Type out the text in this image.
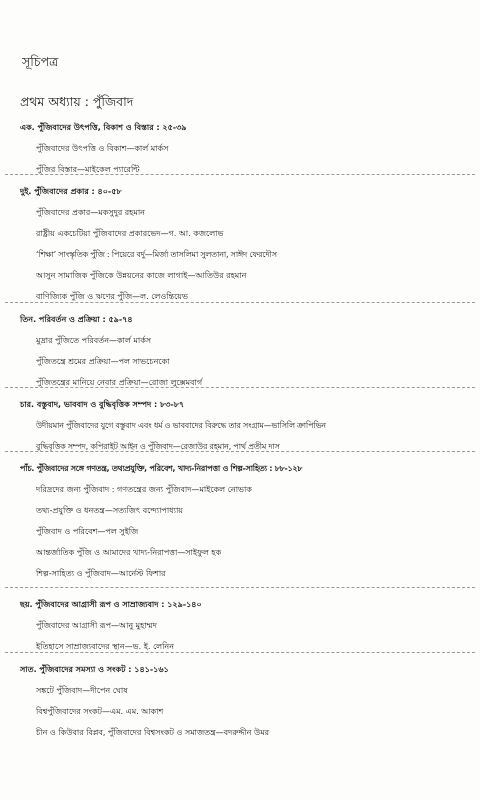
সূচিপত্র
প্রথম অধ্যায় : পুঁজিবাদ
এক. পুঁজিবাদের উৎপত্তি, বিকাশ ও বিস্তার : ২৫-৩৯
পুঁজিবাদের উৎপত্তি ও বিকাশ—কার্ল মার্কস
পুঁজির বিস্তার—মাইকেল প্যারেন্টি
দুই. পুঁজিবাদের প্রকার : ৪০-৫৮
পুঁজিবাদের প্রকার—মকসুদুর রহমান
রাষ্ট্রীয় একচেটিয়া পুঁজিবাদের প্রকারভেদ—গ. আ. কজলোভ
‘শিক্ষা’ সাংস্কৃতিক পুঁজি : পিয়েরে বর্দু—মির্জা তাসলিমা সুলতানা, সাঈদ ফেরদৌস
আসুন সামাজিক পুঁজিকে উন্নয়নের কাজে লাগাই—আতিউর রহমান
বাণিজ্যিক পুঁজি ও ঋণের পুঁজি—ল. লেওন্তিয়েভ
তিন. পরিবর্তন ও প্রক্রিয়া : ৫৯-৭৪
মুদ্রার পুঁজিতে পরিবর্তন—কার্ল মার্কস
পুঁজিতন্ত্রে শ্রমের প্রক্রিয়া—পল সাভচেনকো
পুঁজিতন্ত্রের মানিয়ে নেবার প্রক্রিয়া—রোজা লুক্সেমবার্গ
চার. বস্তুবাদ, ভাববাদ ও বুদ্ধিবৃত্তিক সম্পদ : ৮৩-৮৭
উদীয়মান পুঁজিবাদের যুগে বস্তুবাদ এবং ধর্ম ও ভাববাদের বিরুদ্ধে তার সংগ্রাম—ভাসিলি ক্রাপিভিন
বুদ্ধিবৃত্তিক সম্পদ, কপিরাইট আইন ও পুঁজিবাদ—রেজাউর রহমান, পার্থ প্রতীম দাস
পাঁচ. পুঁজিবাদের সঙ্গে গণতন্ত্র, তথ্যপ্রযুক্তি, পরিবেশ, খাদ্য-নিরাপত্তা ও শিল্প-সাহিত্য : ৮৮-১২৮
দরিদ্রদের জন্য পুঁজিবাদ : গণতন্ত্রের জন্য পুঁজিবাদ—মাইকেল নোভাক
তথ্য-প্রযুক্তি ও ধনতন্ত্র—সত্যজিৎ বন্দ্যোপাধ্যায়
পুঁজিবাদ ও পরিবেশ—পল সুইজি
আন্তর্জাতিক পুঁজি ও আমাদের খাদ্য-নিরাপত্তা—সাইফুল হক
শিল্প-সাহিত্য ও পুঁজিবাদ—আর্নেস্ট ফিশার
ছয়. পুঁজিবাদের আগ্রাসী রূপ ও সাম্রাজ্যবাদ : ১২৯-১৪০
পুঁজিবাদের আগ্রাসী রূপ—আনু মুহাম্মদ
ইতিহাসে সাম্রাজ্যবাদের স্থান—ভ. ই. লেনিন
সাত. পুঁজিবাদের সমস্যা ও সংকট : ১৪১-১৬১
সঙ্কটে পুঁজিবাদ—দীপেন ঘোষ
বিশ্বপুঁজিবাদের সংকট—এম. এম. আকাশ
চীন ও কিউবার বিপ্লব, পুঁজিবাদের বিশ্বসংকট ও সমাজতন্ত্র—বদরুদ্দীন উমর
